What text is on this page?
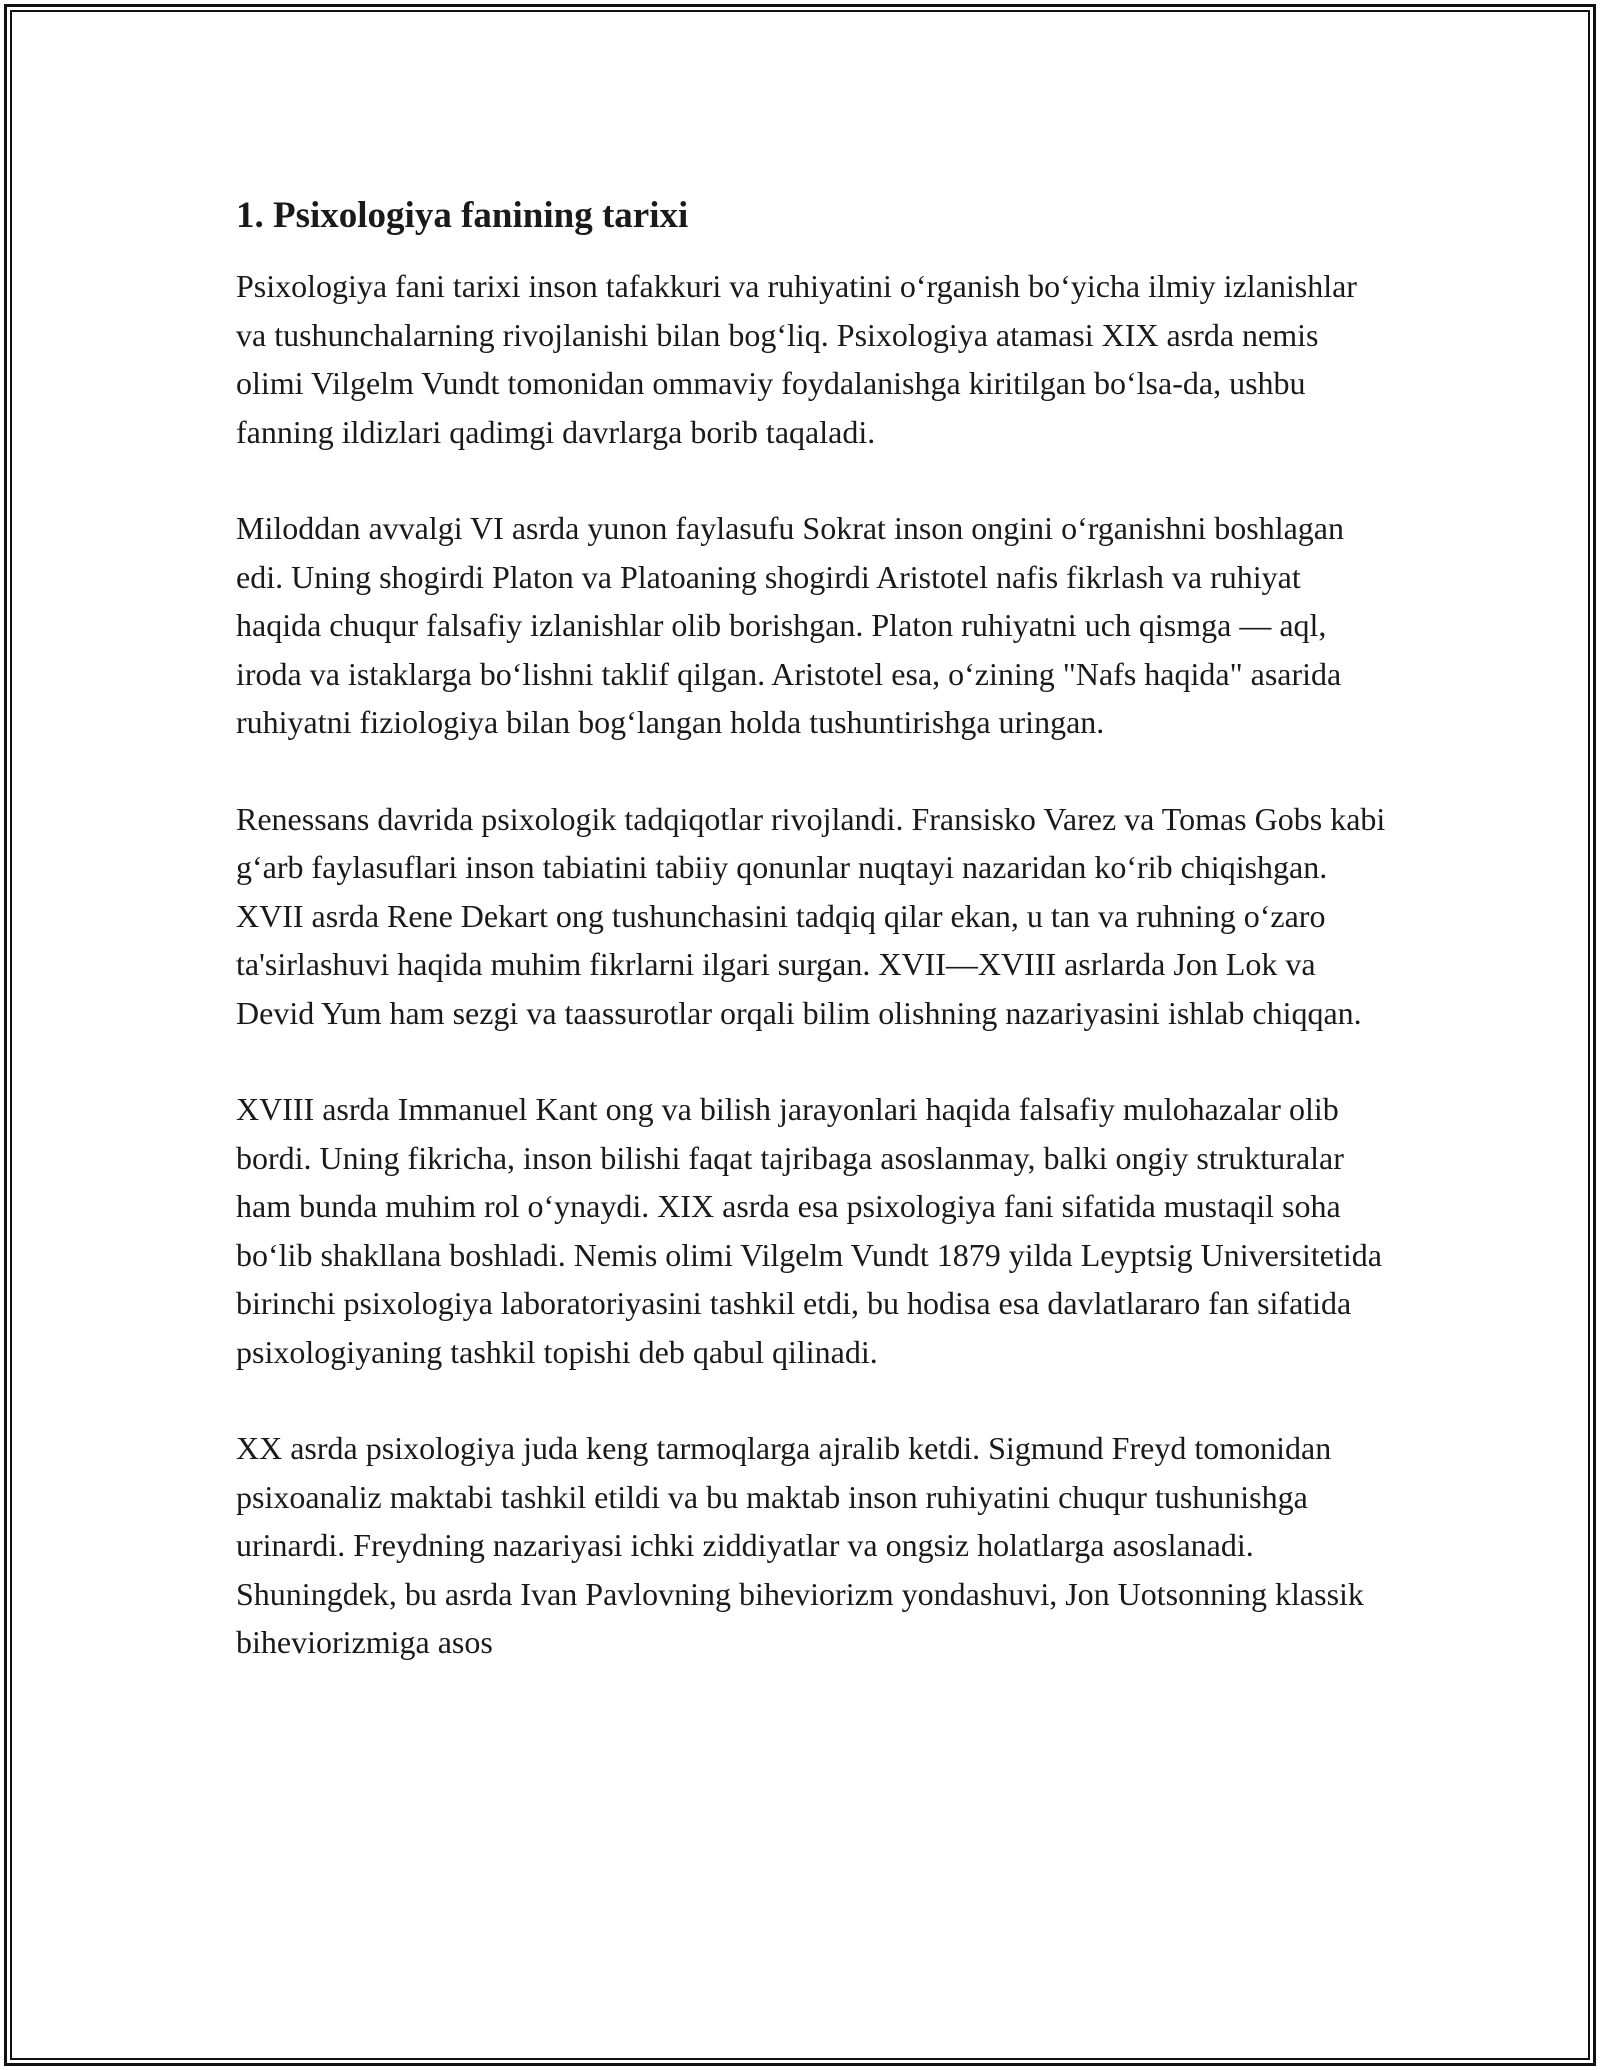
1. Psixologiya fanining tarixi

Psixologiya fani tarixi inson tafakkuri va ruhiyatini o‘rganish bo‘yicha ilmiy izlanishlar va tushunchalarning rivojlanishi bilan bog‘liq. Psixologiya atamasi XIX asrda nemis olimi Vilgelm Vundt tomonidan ommaviy foydalanishga kiritilgan bo‘lsa-da, ushbu fanning ildizlari qadimgi davrlarga borib taqaladi.

Miloddan avvalgi VI asrda yunon faylasufu Sokrat inson ongini o‘rganishni boshlagan edi. Uning shogirdi Platon va Platoaning shogirdi Aristotel nafis fikrlash va ruhiyat haqida chuqur falsafiy izlanishlar olib borishgan. Platon ruhiyatni uch qismga — aql, iroda va istaklarga bo‘lishni taklif qilgan. Aristotel esa, o‘zining "Nafs haqida" asarida ruhiyatni fiziologiya bilan bog‘langan holda tushuntirishga uringan.

Renessans davrida psixologik tadqiqotlar rivojlandi. Fransisko Varez va Tomas Gobs kabi g‘arb faylasuflari inson tabiatini tabiiy qonunlar nuqtayi nazaridan ko‘rib chiqishgan. XVII asrda Rene Dekart ong tushunchasini tadqiq qilar ekan, u tan va ruhning o‘zaro ta'sirlashuvi haqida muhim fikrlarni ilgari surgan. XVII—XVIII asrlarda Jon Lok va Devid Yum ham sezgi va taassurotlar orqali bilim olishning nazariyasini ishlab chiqqan.

XVIII asrda Immanuel Kant ong va bilish jarayonlari haqida falsafiy mulohazalar olib bordi. Uning fikricha, inson bilishi faqat tajribaga asoslanmay, balki ongiy strukturalar ham bunda muhim rol o‘ynaydi. XIX asrda esa psixologiya fani sifatida mustaqil soha bo‘lib shakllana boshladi. Nemis olimi Vilgelm Vundt 1879 yilda Leyptsig Universitetida birinchi psixologiya laboratoriyasini tashkil etdi, bu hodisa esa davlatlararo fan sifatida psixologiyaning tashkil topishi deb qabul qilinadi.

XX asrda psixologiya juda keng tarmoqlarga ajralib ketdi. Sigmund Freyd tomonidan psixoanaliz maktabi tashkil etildi va bu maktab inson ruhiyatini chuqur tushunishga urinardi. Freydning nazariyasi ichki ziddiyatlar va ongsiz holatlarga asoslanadi. Shuningdek, bu asrda Ivan Pavlovning biheviorizm yondashuvi, Jon Uotsonning klassik biheviorizmiga asos
